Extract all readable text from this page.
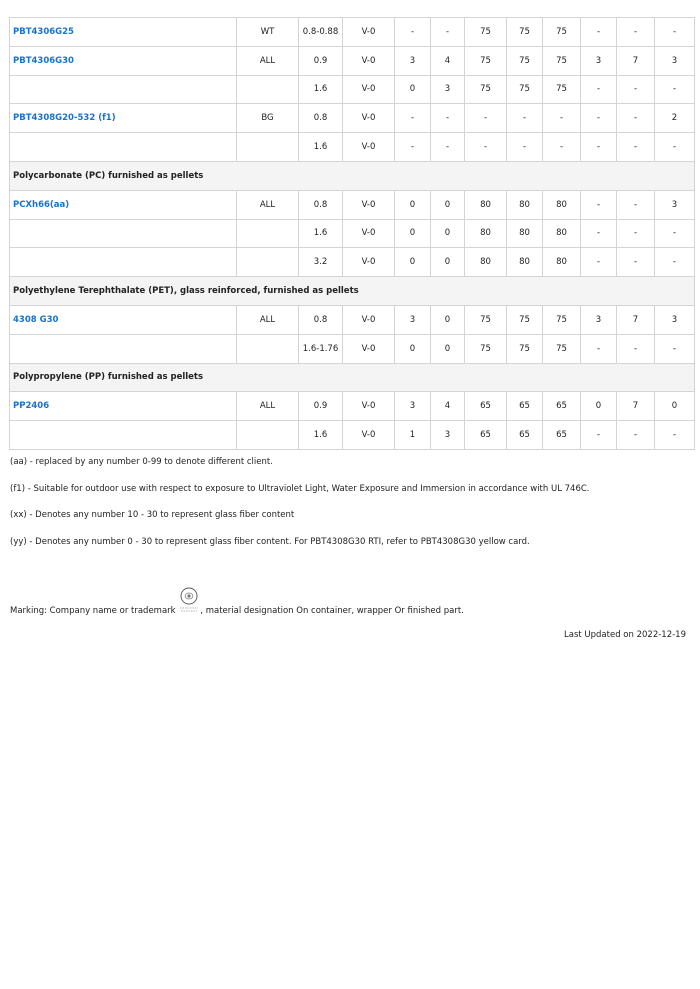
PBT4306G25	WT	0.8-0.88	V-0	-	-	75	75	75	-	-	-
PBT4306G30	ALL	0.9	V-0	3	4	75	75	75	3	7	3
		1.6	V-0	0	3	75	75	75	-	-	-
PBT4308G20-532 (f1)	BG	0.8	V-0	-	-	-	-	-	-	-	2
		1.6	V-0	-	-	-	-	-	-	-	-
Polycarbonate (PC) furnished as pellets											
PCXh66(aa)	ALL	0.8	V-0	0	0	80	80	80	-	-	3
		1.6	V-0	0	0	80	80	80	-	-	-
		3.2	V-0	0	0	80	80	80	-	-	-
Polyethylene Terephthalate (PET), glass reinforced, furnished as pellets											
4308 G30	ALL	0.8	V-0	3	0	75	75	75	3	7	3
		1.6-1.76	V-0	0	0	75	75	75	-	-	-
Polypropylene (PP) furnished as pellets											
PP2406	ALL	0.9	V-0	3	4	65	65	65	0	7	0
		1.6	V-0	1	3	65	65	65	-	-	-
(aa) - replaced by any number 0-99 to denote different client.
(f1) - Suitable for outdoor use with respect to exposure to Ultraviolet Light, Water Exposure and Immersion in accordance with UL 746C.
(xx) - Denotes any number 10 - 30 to represent glass fiber content
(yy) - Denotes any number 0 - 30 to represent glass fiber content. For PBT4308G30 RTI, refer to PBT4308G30 yellow card.
Marking: Company name or trademark	, material designation On container, wrapper Or finished part.
Last Updated on 2022-12-19
